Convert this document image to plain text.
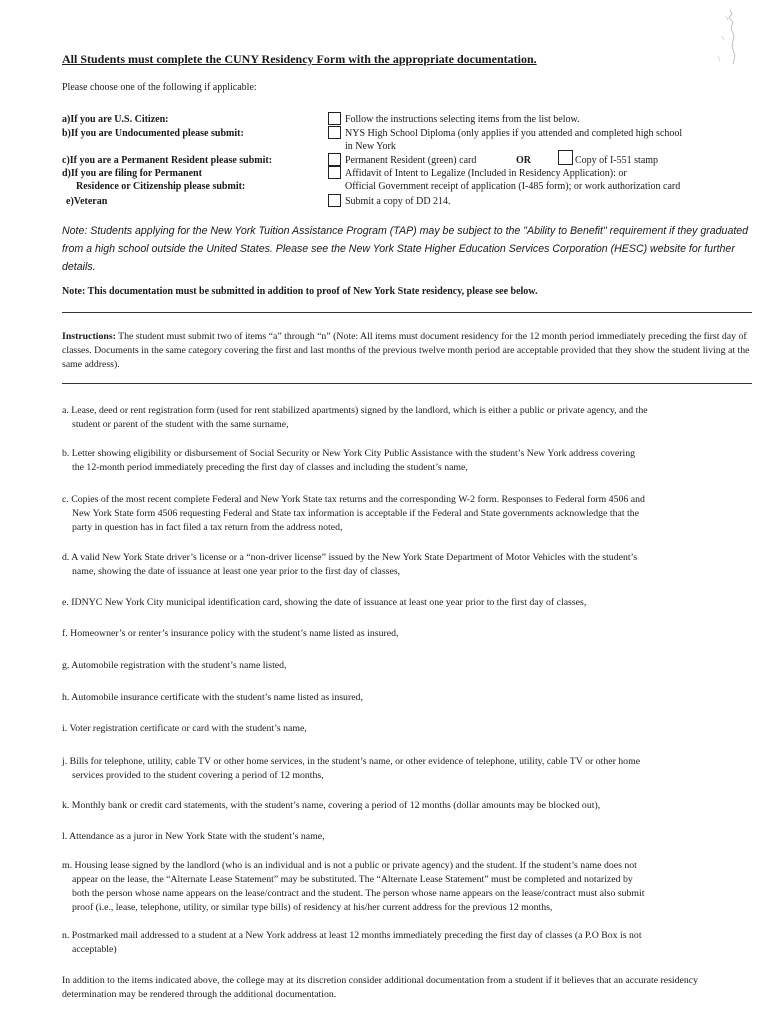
All Students must complete the CUNY Residency Form with the appropriate documentation.
Please choose one of the following if applicable:
a)If you are U.S. Citizen:
b)If you are Undocumented please submit:
c)If you are a Permanent Resident please submit:
d)If you are filing for Permanent
Residence or Citizenship please submit:
e)Veteran
Follow the instructions selecting items from the list below.
NYS High School Diploma (only applies if you attended and completed high school
in New York
Permanent Resident (green) card	OR	Copy of I-551 stamp
Affidavit of Intent to Legalize (Included in Residency Application): or
Official Government receipt of application (I-485 form); or work authorization card
Submit a copy of DD 214.
Note: Students applying for the New York Tuition Assistance Program (TAP) may be subject to the "Ability to Benefit" requirement if they graduated from a high school outside the United States. Please see the New York State Higher Education Services Corporation (HESC) website for further details.
Note: This documentation must be submitted in addition to proof of New York State residency, please see below.
Instructions: The student must submit two of items “a” through “n” (Note: All items must document residency for the 12 month period immediately preceding the first day of classes. Documents in the same category covering the first and last months of the previous twelve month period are acceptable provided that they show the student living at the same address).
a. Lease, deed or rent registration form (used for rent stabilized apartments) signed by the landlord, which is either a public or private agency, and the
student or parent of the student with the same surname,
b. Letter showing eligibility or disbursement of Social Security or New York City Public Assistance with the student’s New York address covering
the 12-month period immediately preceding the first day of classes and including the student’s name,
c. Copies of the most recent complete Federal and New York State tax returns and the corresponding W-2 form. Responses to Federal form 4506 and
New York State form 4506 requesting Federal and State tax information is acceptable if the Federal and State governments acknowledge that the
party in question has in fact filed a tax return from the address noted,
d. A valid New York State driver’s license or a “non-driver license” issued by the New York State Department of Motor Vehicles with the student’s
name, showing the date of issuance at least one year prior to the first day of classes,
e. IDNYC New York City municipal identification card, showing the date of issuance at least one year prior to the first day of classes,
f. Homeowner’s or renter’s insurance policy with the student’s name listed as insured,
g. Automobile registration with the student’s name listed,
h. Automobile insurance certificate with the student’s name listed as insured,
i. Voter registration certificate or card with the student’s name,
j. Bills for telephone, utility, cable TV or other home services, in the student’s name, or other evidence of telephone, utility, cable TV or other home
services provided to the student covering a period of 12 months,
k. Monthly bank or credit card statements, with the student’s name, covering a period of 12 months (dollar amounts may be blocked out),
l. Attendance as a juror in New York State with the student’s name,
m. Housing lease signed by the landlord (who is an individual and is not a public or private agency) and the student. If the student’s name does not
appear on the lease, the “Alternate Lease Statement” may be substituted. The “Alternate Lease Statement” must be completed and notarized by
both the person whose name appears on the lease/contract and the student. The person whose name appears on the lease/contract must also submit
proof (i.e., lease, telephone, utility, or similar type bills) of residency at his/her current address for the previous 12 months,
n. Postmarked mail addressed to a student at a New York address at least 12 months immediately preceding the first day of classes (a P.O Box is not
acceptable)
In addition to the items indicated above, the college may at its discretion consider additional documentation from a student if it believes that an accurate residency determination may be rendered through the additional documentation.
